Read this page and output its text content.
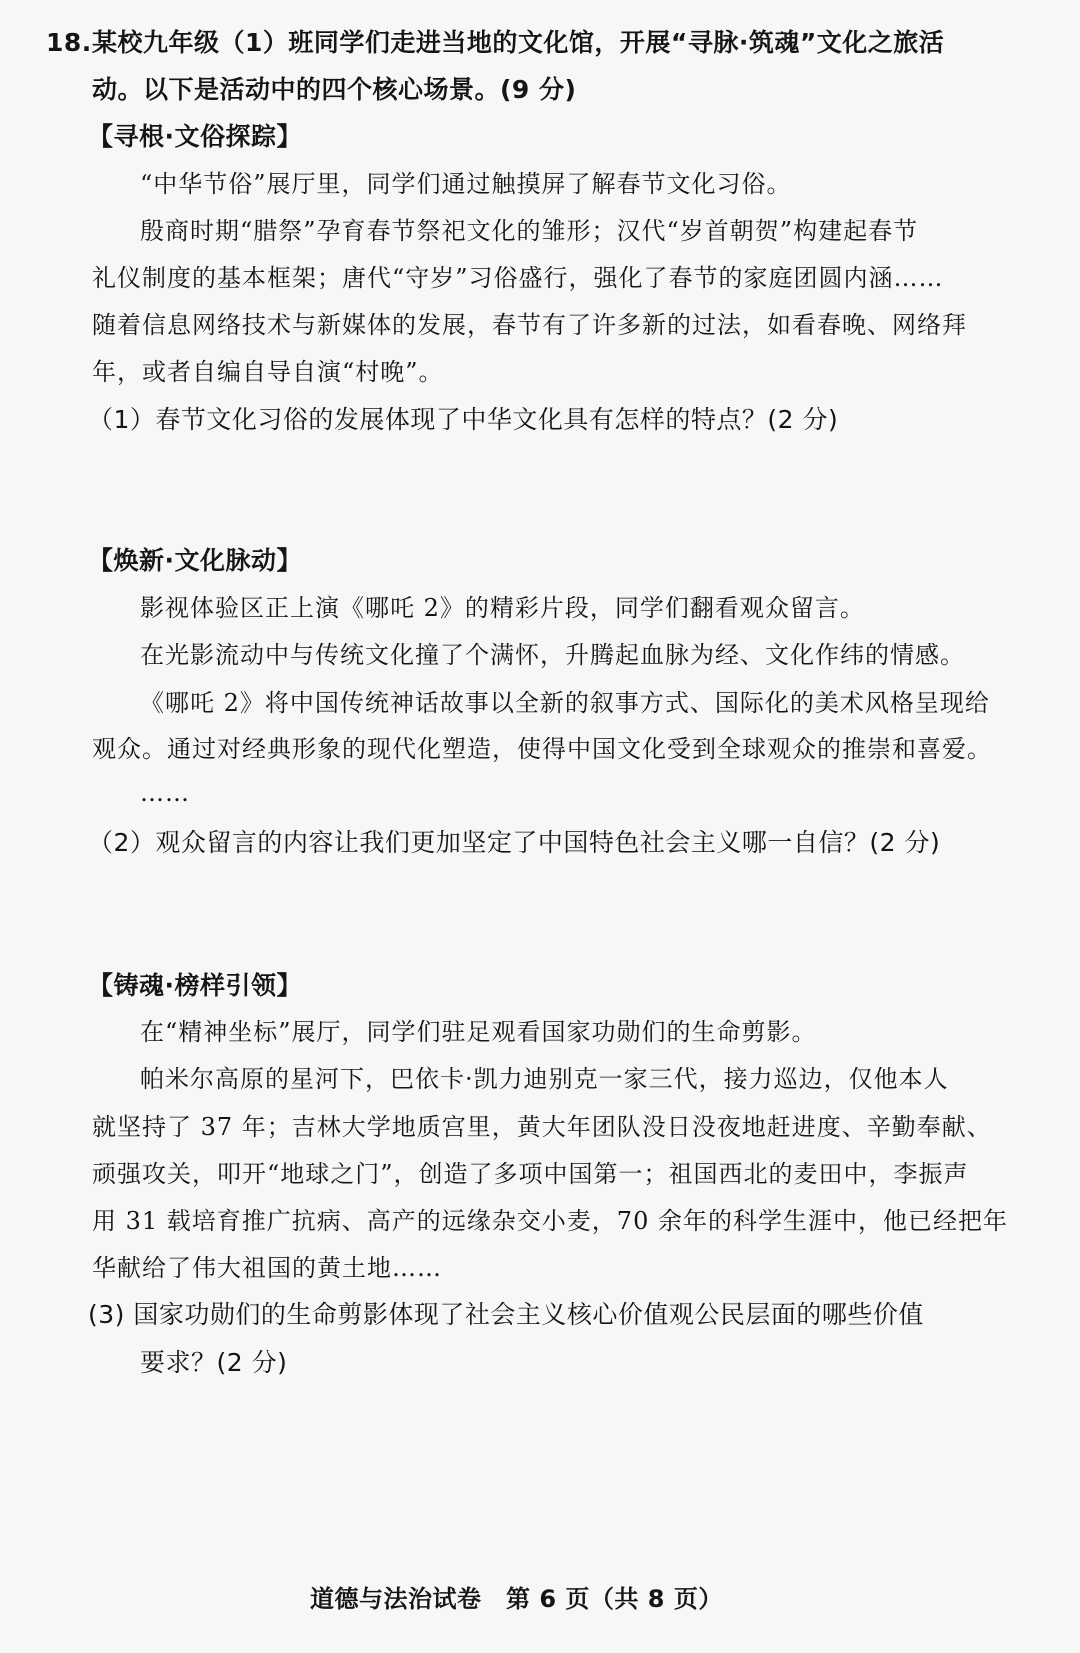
18. 某校九年级（1）班同学们走进当地的文化馆，开展“寻脉·筑魂”文化之旅活
动。以下是活动中的四个核心场景。(9 分)
【寻根·文俗探踪】
“中华节俗”展厅里，同学们通过触摸屏了解春节文化习俗。
殷商时期“腊祭”孕育春节祭祀文化的雏形；汉代“岁首朝贺”构建起春节
礼仪制度的基本框架；唐代“守岁”习俗盛行，强化了春节的家庭团圆内涵……
随着信息网络技术与新媒体的发展，春节有了许多新的过法，如看春晚、网络拜
年，或者自编自导自演“村晚”。
（1）春节文化习俗的发展体现了中华文化具有怎样的特点？(2 分)
【焕新·文化脉动】
影视体验区正上演《哪吒 2》的精彩片段，同学们翻看观众留言。
在光影流动中与传统文化撞了个满怀，升腾起血脉为经、文化作纬的情感。
《哪吒 2》将中国传统神话故事以全新的叙事方式、国际化的美术风格呈现给
观众。通过对经典形象的现代化塑造，使得中国文化受到全球观众的推崇和喜爱。
……
（2）观众留言的内容让我们更加坚定了中国特色社会主义哪一自信？(2 分)
【铸魂·榜样引领】
在“精神坐标”展厅，同学们驻足观看国家功勋们的生命剪影。
帕米尔高原的星河下，巴依卡·凯力迪别克一家三代，接力巡边，仅他本人
就坚持了 37 年；吉林大学地质宫里，黄大年团队没日没夜地赶进度、辛勤奉献、
顽强攻关，叩开“地球之门”，创造了多项中国第一；祖国西北的麦田中，李振声
用 31 载培育推广抗病、高产的远缘杂交小麦，70 余年的科学生涯中，他已经把年
华献给了伟大祖国的黄土地……
(3) 国家功勋们的生命剪影体现了社会主义核心价值观公民层面的哪些价值
要求？(2 分)
道德与法治试卷　第 6 页（共 8 页）
